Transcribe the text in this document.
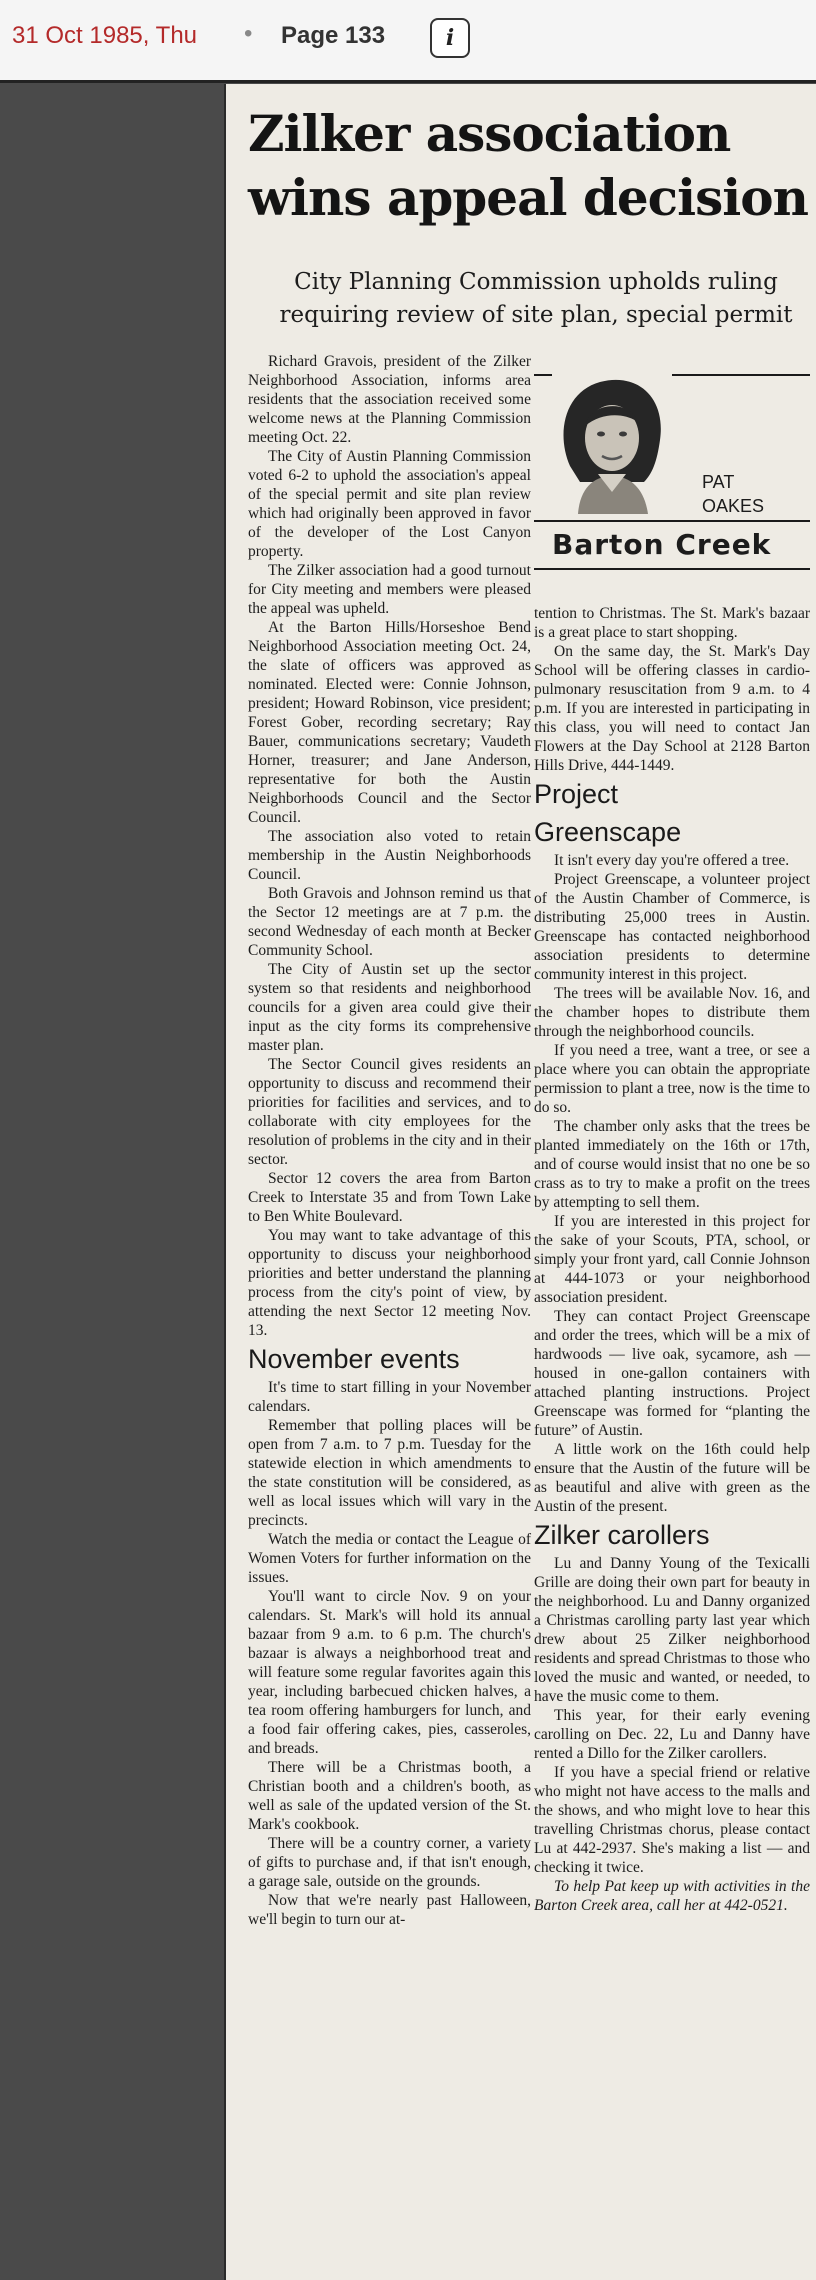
31 Oct 1985, Thu • Page 133	i
Zilker association
wins appeal decision
City Planning Commission upholds ruling
requiring review of site plan, special permit

Richard Gravois, president of the Zilker Neighborhood Association, informs area residents that the association received some welcome news at the Planning Commission meeting Oct. 22.

The City of Austin Planning Commission voted 6-2 to uphold the association's appeal of the special permit and site plan review which had originally been approved in favor of the developer of the Lost Canyon property.

The Zilker association had a good turnout for City meeting and members were pleased the appeal was upheld.

At the Barton Hills/Horseshoe Bend Neighborhood Association meeting Oct. 24, the slate of officers was approved as nominated. Elected were: Connie Johnson, president; Howard Robinson, vice president; Forest Gober, recording secretary; Ray Bauer, communications secretary; Vaudeth Horner, treasurer; and Jane Anderson, representative for both the Austin Neighborhoods Council and the Sector Council.

The association also voted to retain membership in the Austin Neighborhoods Council.

Both Gravois and Johnson remind us that the Sector 12 meetings are at 7 p.m. the second Wednesday of each month at Becker Community School.

The City of Austin set up the sector system so that residents and neighborhood councils for a given area could give their input as the city forms its comprehensive master plan.

The Sector Council gives residents an opportunity to discuss and recommend their priorities for facilities and services, and to collaborate with city employees for the resolution of problems in the city and in their sector.

Sector 12 covers the area from Barton Creek to Interstate 35 and from Town Lake to Ben White Boulevard.

You may want to take advantage of this opportunity to discuss your neighborhood priorities and better understand the planning process from the city's point of view, by attending the next Sector 12 meeting Nov. 13.

November events

It's time to start filling in your November calendars.

Remember that polling places will be open from 7 a.m. to 7 p.m. Tuesday for the statewide election in which amendments to the state constitution will be considered, as well as local issues which will vary in the precincts.

Watch the media or contact the League of Women Voters for further information on the issues.

You'll want to circle Nov. 9 on your calendars. St. Mark's will hold its annual bazaar from 9 a.m. to 6 p.m. The church's bazaar is always a neighborhood treat and will feature some regular favorites again this year, including barbecued chicken halves, a tea room offering hamburgers for lunch, and a food fair offering cakes, pies, casseroles, and breads.

There will be a Christmas booth, a Christian booth and a children's booth, as well as sale of the updated version of the St. Mark's cookbook.

There will be a country corner, a variety of gifts to purchase and, if that isn't enough, a garage sale, outside on the grounds.

Now that we're nearly past Halloween, we'll begin to turn our at-

PAT
OAKES
Barton Creek

tention to Christmas. The St. Mark's bazaar is a great place to start shopping.

On the same day, the St. Mark's Day School will be offering classes in cardio-pulmonary resuscitation from 9 a.m. to 4 p.m. If you are interested in participating in this class, you will need to contact Jan Flowers at the Day School at 2128 Barton Hills Drive, 444-1449.

Project
Greenscape

It isn't every day you're offered a tree.

Project Greenscape, a volunteer project of the Austin Chamber of Commerce, is distributing 25,000 trees in Austin. Greenscape has contacted neighborhood association presidents to determine community interest in this project.

The trees will be available Nov. 16, and the chamber hopes to distribute them through the neighborhood councils.

If you need a tree, want a tree, or see a place where you can obtain the appropriate permission to plant a tree, now is the time to do so.

The chamber only asks that the trees be planted immediately on the 16th or 17th, and of course would insist that no one be so crass as to try to make a profit on the trees by attempting to sell them.

If you are interested in this project for the sake of your Scouts, PTA, school, or simply your front yard, call Connie Johnson at 444-1073 or your neighborhood association president.

They can contact Project Greenscape and order the trees, which will be a mix of hardwoods — live oak, sycamore, ash — housed in one-gallon containers with attached planting instructions. Project Greenscape was formed for “planting the future” of Austin.

A little work on the 16th could help ensure that the Austin of the future will be as beautiful and alive with green as the Austin of the present.

Zilker carollers

Lu and Danny Young of the Texicalli Grille are doing their own part for beauty in the neighborhood. Lu and Danny organized a Christmas carolling party last year which drew about 25 Zilker neighborhood residents and spread Christmas to those who loved the music and wanted, or needed, to have the music come to them.

This year, for their early evening carolling on Dec. 22, Lu and Danny have rented a Dillo for the Zilker carollers.

If you have a special friend or relative who might not have access to the malls and the shows, and who might love to hear this travelling Christmas chorus, please contact Lu at 442-2937. She's making a list — and checking it twice.

To help Pat keep up with activities in the Barton Creek area, call her at 442-0521.
